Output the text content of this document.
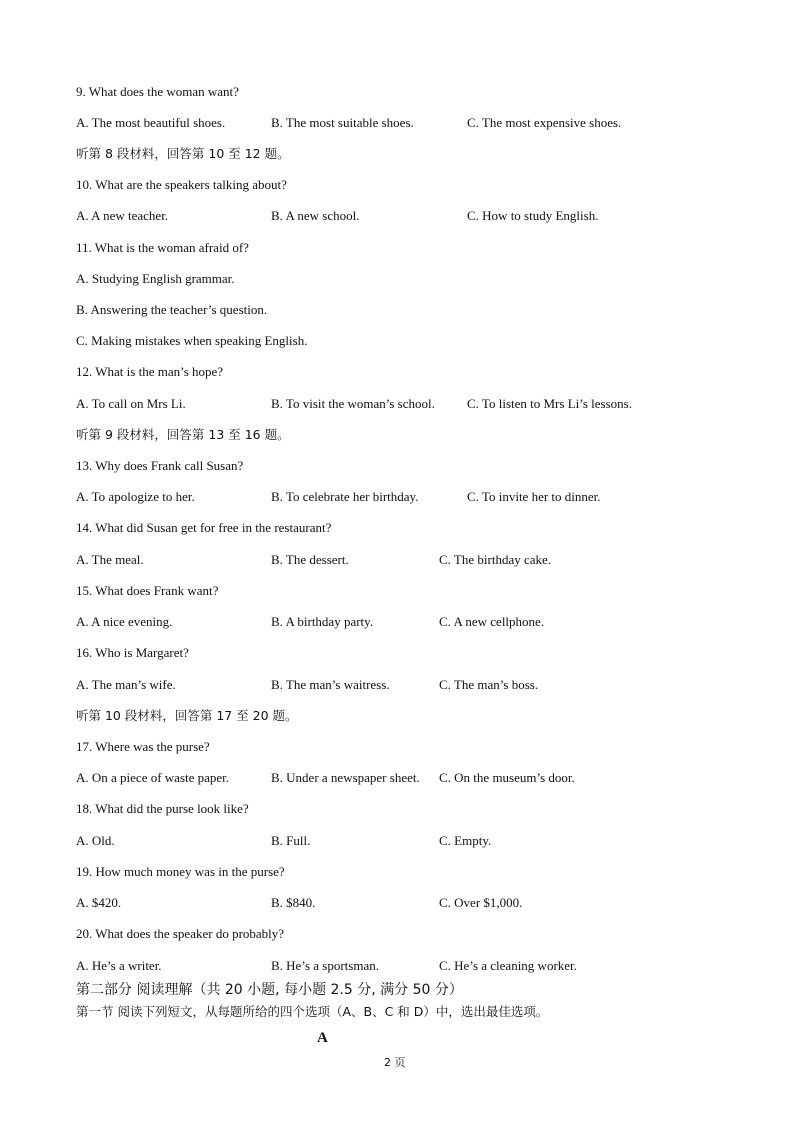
9. What does the woman want?
A. The most beautiful shoes.	B. The most suitable shoes.	C. The most expensive shoes.
听第 8 段材料，回答第 10 至 12 题。
10. What are the speakers talking about?
A. A new teacher.	B. A new school.	C. How to study English.
11. What is the woman afraid of?
A. Studying English grammar.
B. Answering the teacher’s question.
C. Making mistakes when speaking English.
12. What is the man’s hope?
A. To call on Mrs Li.	B. To visit the woman’s school. C. To listen to Mrs Li’s lessons.
听第 9 段材料，回答第 13 至 16 题。
13. Why does Frank call Susan?
A. To apologize to her.	B. To celebrate her birthday.	C. To invite her to dinner.
14. What did Susan get for free in the restaurant?
A. The meal.	B. The dessert.	C. The birthday cake.
15. What does Frank want?
A. A nice evening.	B. A birthday party.	C. A new cellphone.
16. Who is Margaret?
A. The man’s wife.	B. The man’s waitress.	C. The man’s boss.
听第 10 段材料，回答第 17 至 20 题。
17. Where was the purse?
A. On a piece of waste paper.	B. Under a newspaper sheet. C. On the museum’s door.
18. What did the purse look like?
A. Old.	B. Full.	C. Empty.
19. How much money was in the purse?
A. $420.	B. $840.	C. Over $1,000.
20. What does the speaker do probably?
A. He’s a writer.	B. He’s a sportsman.	C. He’s a cleaning worker.
第二部分 阅读理解（共 20 小题, 每小题 2.5 分, 满分 50 分）
第一节 阅读下列短文，从每题所给的四个选项（A、B、C 和 D）中，选出最佳选项。
A
2 页
